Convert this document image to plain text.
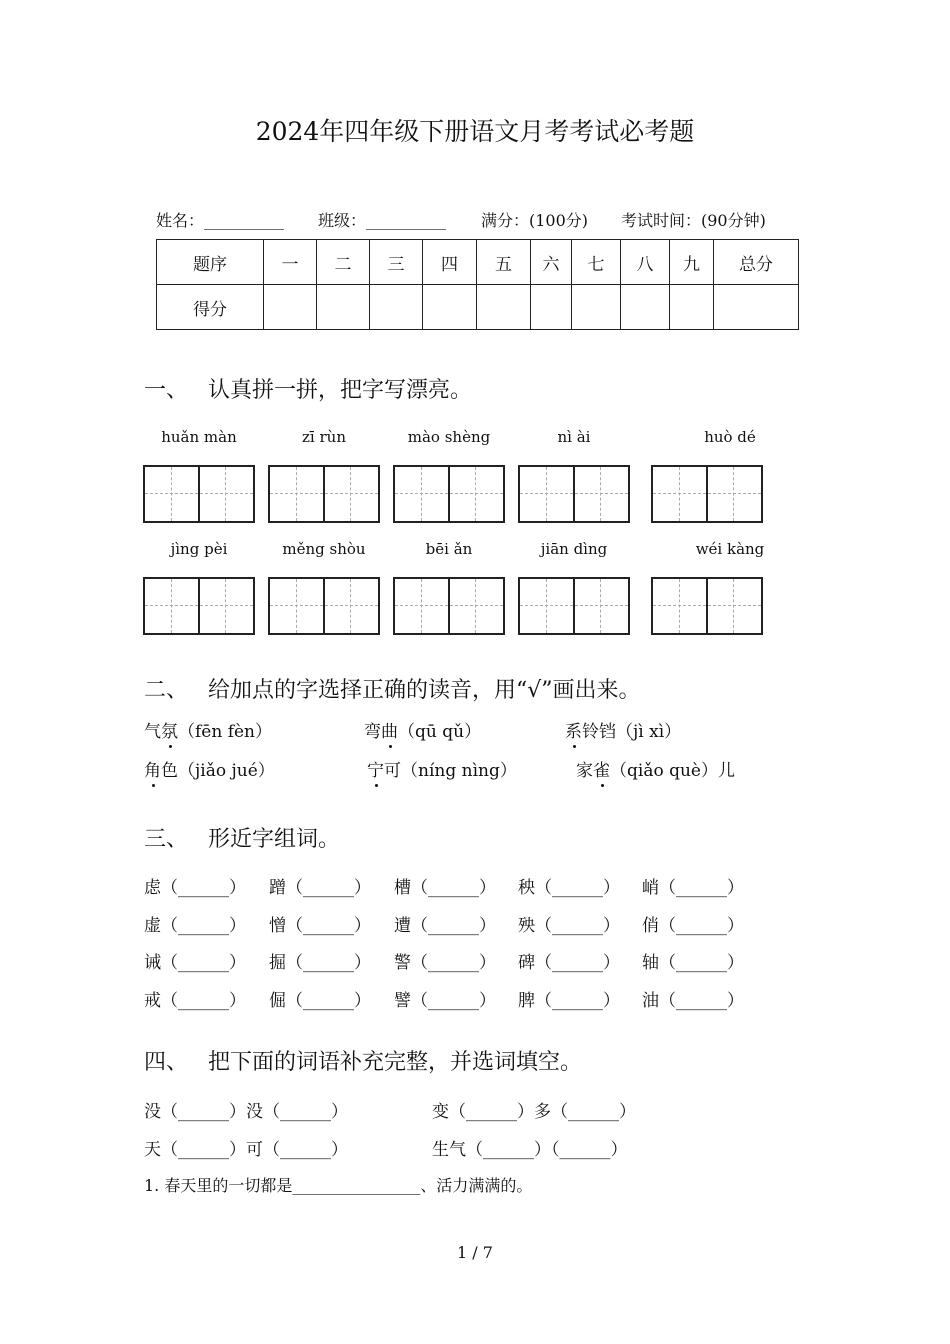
2024年四年级下册语文月考考试必考题
姓名：__________ 班级：__________ 满分：(100分) 考试时间：(90分钟)
题序	一	二	三	四	五	六	七	八	九	总分
得分										
一、 认真拼一拼，把字写漂亮。
huǎn màn	zī rùn	mào shèng	nì ài	huò dé
jìng pèi	měng shòu	bēi ǎn	jiān dìng	wéi kàng
二、 给加点的字选择正确的读音，用“√”画出来。
气氛（fēn fèn）	弯曲（qū qǔ）	系铃铛（jì xì）
角色（jiǎo jué）	宁可（níng nìng）	家雀（qiǎo què）儿
三、 形近字组词。
虑（______） 蹭（______） 槽（______） 秧（______） 峭（______）
虚（______） 憎（______） 遭（______） 殃（______） 俏（______）
诫（______） 掘（______） 警（______） 碑（______） 轴（______）
戒（______） 倔（______） 譬（______） 脾（______） 油（______）
四、 把下面的词语补充完整，并选词填空。
没（______）没（______）	变（______）多（______）
天（______）可（______）	生气（______）（______）
1. 春天里的一切都是________________、活力满满的。
1 / 7
